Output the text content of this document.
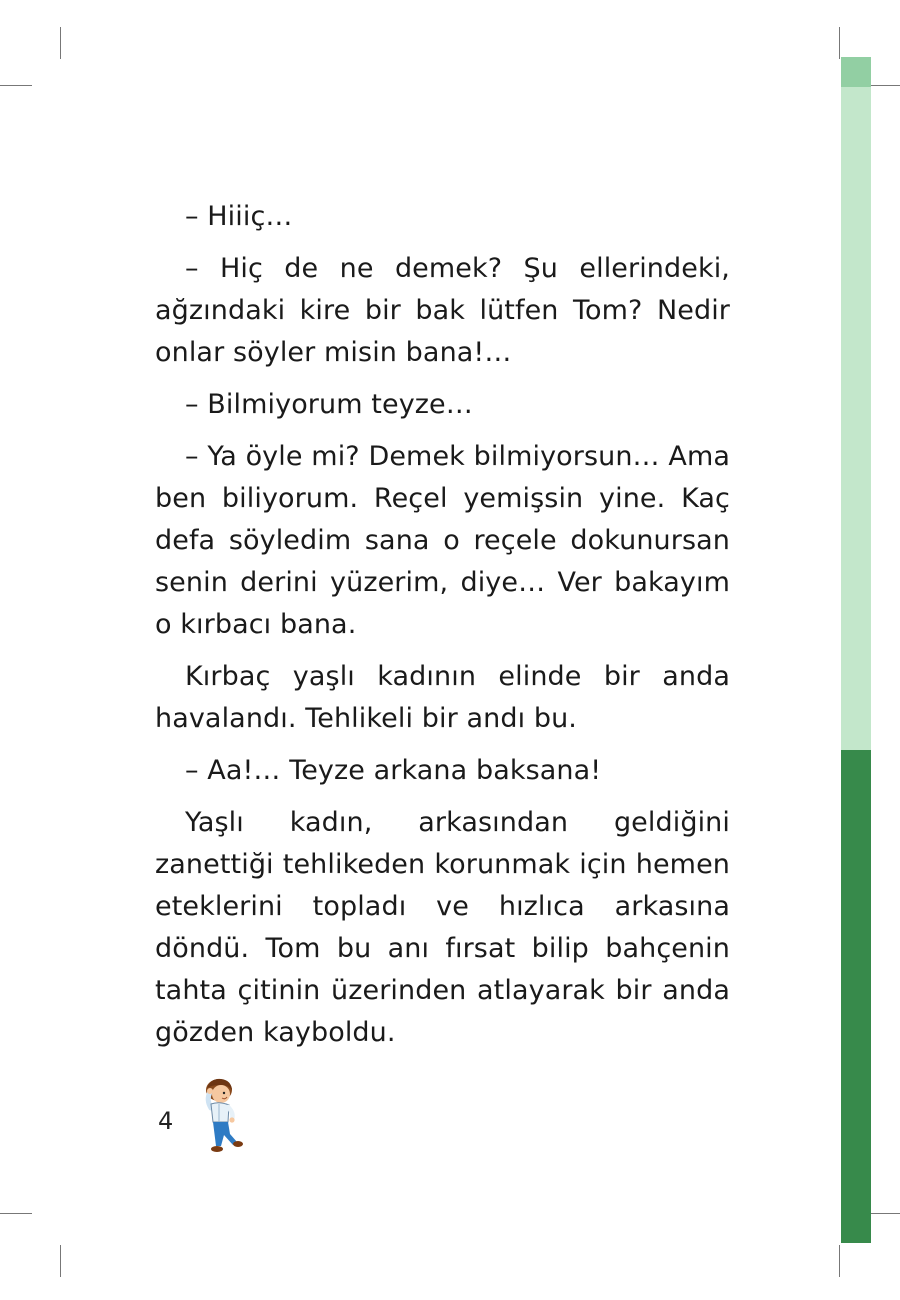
– Hiiiç…

– Hiç de ne demek? Şu ellerindeki, ağzındaki kire bir bak lütfen Tom? Nedir onlar söyler misin bana!…

– Bilmiyorum teyze…

– Ya öyle mi? Demek bilmiyorsun… Ama ben biliyorum. Reçel yemişsin yine. Kaç defa söyledim sana o reçele dokunursan senin derini yüzerim, diye… Ver bakayım o kırbacı bana.

Kırbaç yaşlı kadının elinde bir anda havalandı. Tehlikeli bir andı bu.

– Aa!… Teyze arkana baksana!

Yaşlı kadın, arkasından geldiğini zanettiği tehlikeden korunmak için hemen eteklerini topladı ve hızlıca arkasına döndü. Tom bu anı fırsat bilip bahçenin tahta çitinin üzerinden atlayarak bir anda gözden kayboldu.

4
